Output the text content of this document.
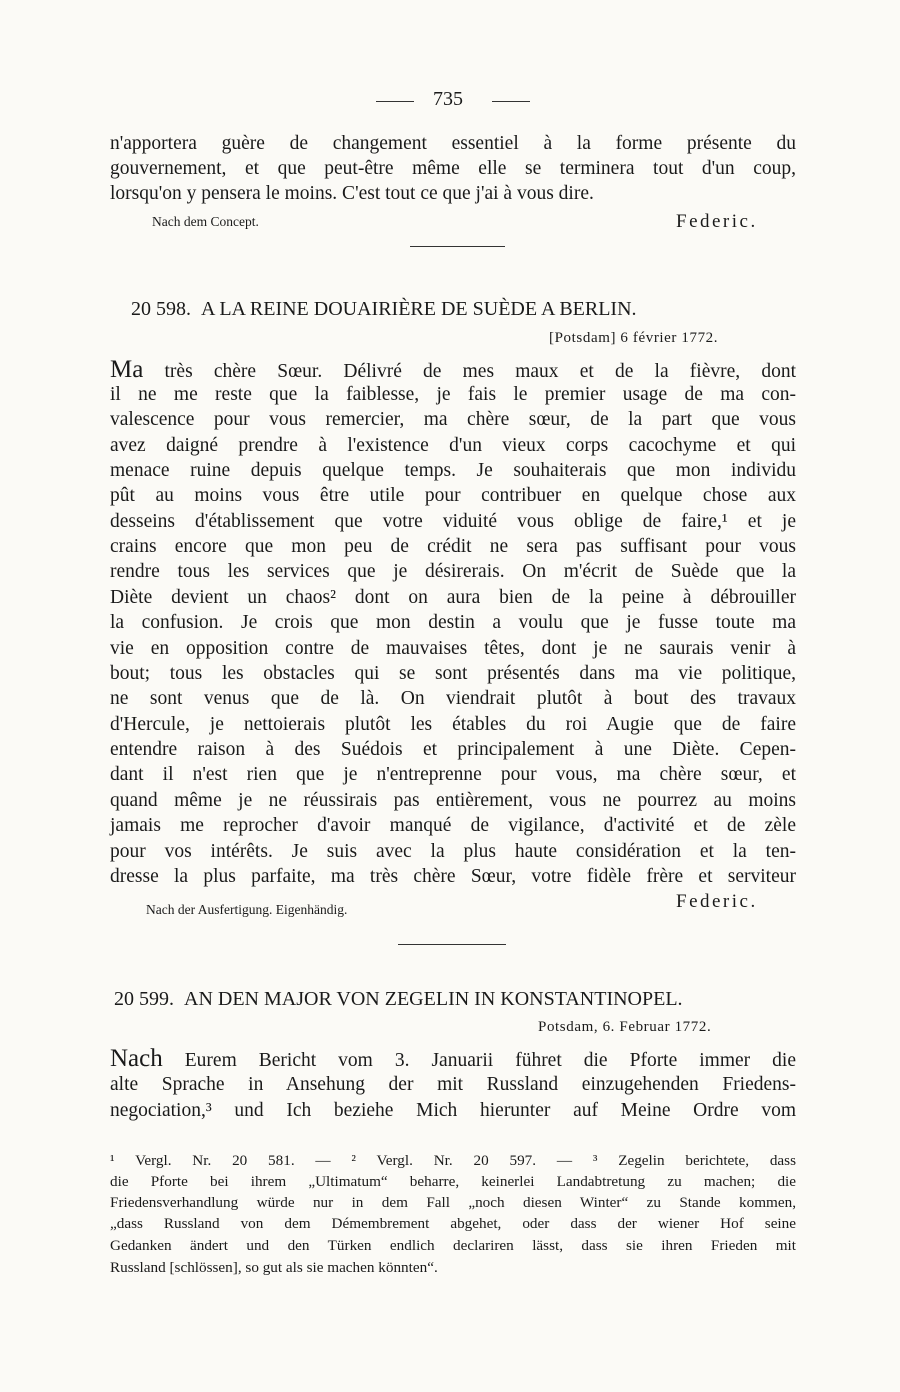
735
n'apportera guère de changement essentiel à la forme présente du
gouvernement, et que peut-être même elle se terminera tout d'un coup,
lorsqu'on y pensera le moins. C'est tout ce que j'ai à vous dire.
Nach dem Concept.	Federic.
20 598. A LA REINE DOUAIRIÈRE DE SUÈDE A BERLIN.
[Potsdam] 6 février 1772.
Ma très chère Sœur. Délivré de mes maux et de la fièvre, dont
il ne me reste que la faiblesse, je fais le premier usage de ma con-
valescence pour vous remercier, ma chère sœur, de la part que vous
avez daigné prendre à l'existence d'un vieux corps cacochyme et qui
menace ruine depuis quelque temps. Je souhaiterais que mon individu
pût au moins vous être utile pour contribuer en quelque chose aux
desseins d'établissement que votre viduité vous oblige de faire,¹ et je
crains encore que mon peu de crédit ne sera pas suffisant pour vous
rendre tous les services que je désirerais. On m'écrit de Suède que la
Diète devient un chaos² dont on aura bien de la peine à débrouiller
la confusion. Je crois que mon destin a voulu que je fusse toute ma
vie en opposition contre de mauvaises têtes, dont je ne saurais venir à
bout; tous les obstacles qui se sont présentés dans ma vie politique,
ne sont venus que de là. On viendrait plutôt à bout des travaux
d'Hercule, je nettoierais plutôt les étables du roi Augie que de faire
entendre raison à des Suédois et principalement à une Diète. Cepen-
dant il n'est rien que je n'entreprenne pour vous, ma chère sœur, et
quand même je ne réussirais pas entièrement, vous ne pourrez au moins
jamais me reprocher d'avoir manqué de vigilance, d'activité et de zèle
pour vos intérêts. Je suis avec la plus haute considération et la ten-
dresse la plus parfaite, ma très chère Sœur, votre fidèle frère et serviteur
Nach der Ausfertigung. Eigenhändig.	Federic.
20 599. AN DEN MAJOR VON ZEGELIN IN KONSTANTINOPEL.
Potsdam, 6. Februar 1772.
Nach Eurem Bericht vom 3. Januarii führet die Pforte immer die
alte Sprache in Ansehung der mit Russland einzugehenden Friedens-
negociation,³ und Ich beziehe Mich hierunter auf Meine Ordre vom
¹ Vergl. Nr. 20 581. — ² Vergl. Nr. 20 597. — ³ Zegelin berichtete, dass
die Pforte bei ihrem „Ultimatum“ beharre, keinerlei Landabtretung zu machen; die
Friedensverhandlung würde nur in dem Fall „noch diesen Winter“ zu Stande kommen,
„dass Russland von dem Démembrement abgehet, oder dass der wiener Hof seine
Gedanken ändert und den Türken endlich declariren lässt, dass sie ihren Frieden mit
Russland [schlössen], so gut als sie machen könnten“.
